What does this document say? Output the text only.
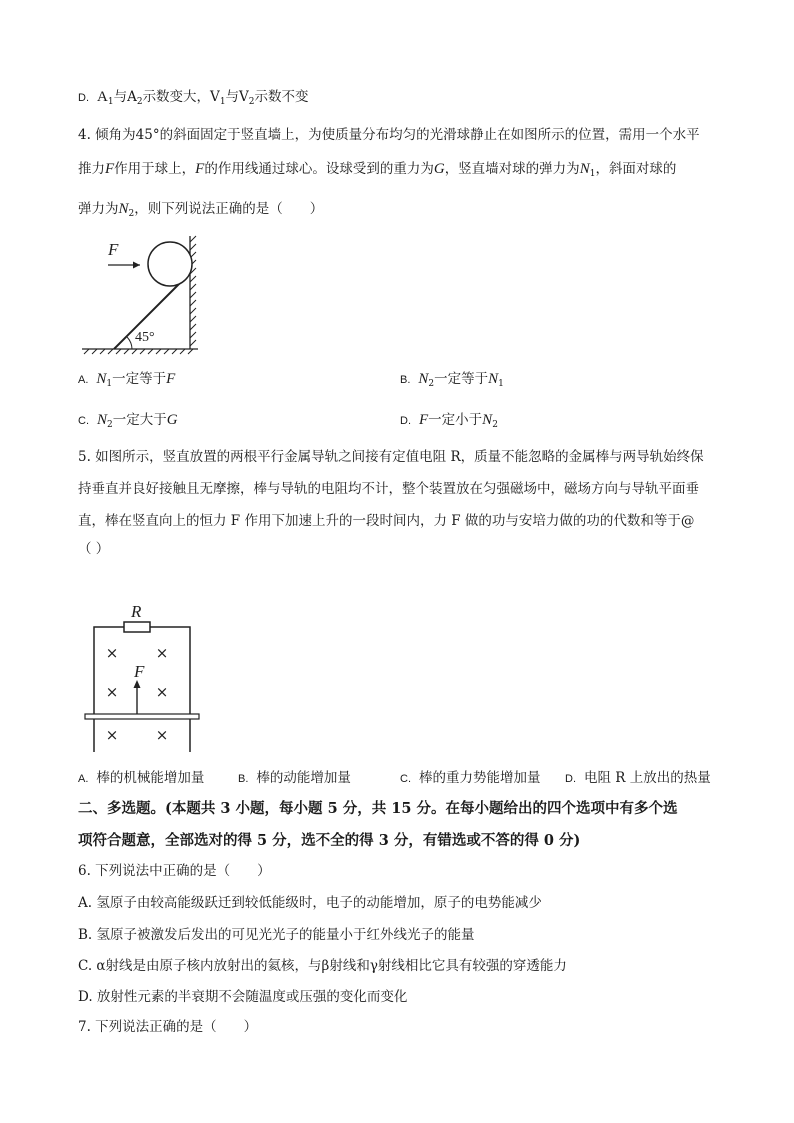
D. $A_1$与$A_2$示数变大，$V_1$与$V_2$示数不变
4. 倾角为45°的斜面固定于竖直墙上，为使质量分布均匀的光滑球静止在如图所示的位置，需用一个水平
推力F作用于球上，F的作用线通过球心。设球受到的重力为G，竖直墙对球的弹力为$N_1$，斜面对球的
弹力为$N_2$，则下列说法正确的是（　　）
F
45°
A. $N_1$一定等于F	B. $N_2$一定等于$N_1$
C. $N_2$一定大于G	D. F一定小于$N_2$
5. 如图所示，竖直放置的两根平行金属导轨之间接有定值电阻 R，质量不能忽略的金属棒与两导轨始终保
持垂直并良好接触且无摩擦，棒与导轨的电阻均不计，整个装置放在匀强磁场中，磁场方向与导轨平面垂
直，棒在竖直向上的恒力 F 作用下加速上升的一段时间内，力 F 做的功与安培力做的功的代数和等于@
（ ）
R
F
× ×
× ×
× ×
A. 棒的机械能增加量	B. 棒的动能增加量	C. 棒的重力势能增加量 D. 电阻 R 上放出的热量
二、多选题。(本题共 3 小题，每小题 5 分，共 15 分。在每小题给出的四个选项中有多个选
项符合题意，全部选对的得 5 分，选不全的得 3 分，有错选或不答的得 0 分)
6. 下列说法中正确的是（　　）
A. 氢原子由较高能级跃迁到较低能级时，电子的动能增加，原子的电势能减少
B. 氢原子被激发后发出的可见光光子的能量小于红外线光子的能量
C. α射线是由原子核内放射出的氦核，与β射线和γ射线相比它具有较强的穿透能力
D. 放射性元素的半衰期不会随温度或压强的变化而变化
7. 下列说法正确的是（　　）
